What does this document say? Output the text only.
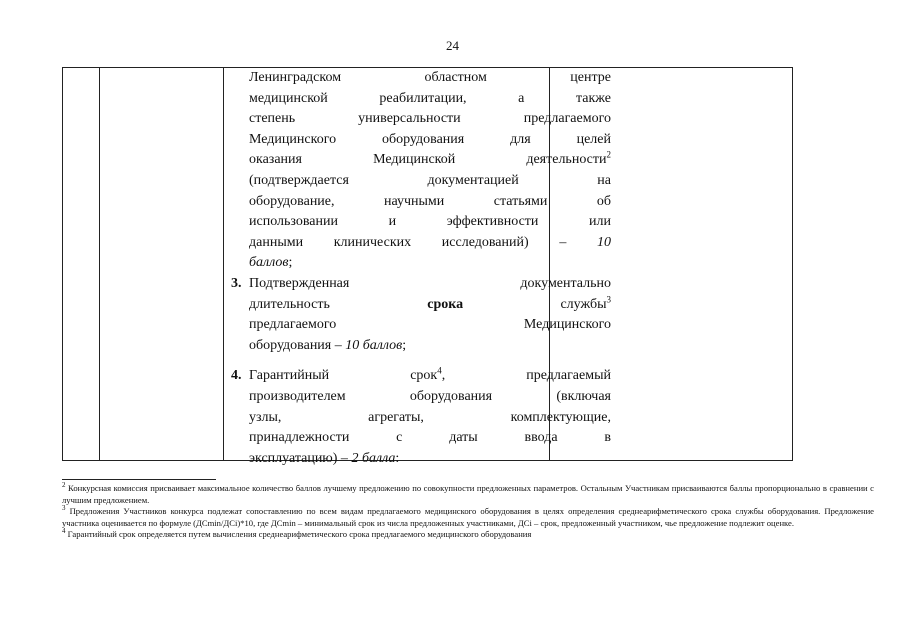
24
Ленинградском областном центре
медицинской реабилитации, а также
степень универсальности предлагаемого
Медицинского оборудования для целей
оказания Медицинской деятельности$^2$
(подтверждается документацией на
оборудование, научными статьями об
использовании и эффективности или
данными клинических исследований) – 10
баллов;
3. Подтвержденная документально
длительность	срока	службы$^3$
предлагаемого Медицинского
оборудования – 10 баллов;
4. Гарантийный	срок$^4$, предлагаемый
производителем оборудования (включая
узлы, агрегаты, комплектующие,
принадлежности с даты ввода в
эксплуатацию) – 2 балла:
$^2$ Конкурсная комиссия присваивает максимальное количество баллов лучшему предложению по совокупности предложенных параметров. Остальным Участникам присваиваются баллы пропорционально в сравнении с лучшим предложением.
$^3$ Предложения Участников конкурса подлежат сопоставлению по всем видам предлагаемого медицинского оборудования в целях определения среднеарифметического срока службы оборудования. Предложение участника оценивается по формуле (ДСmin/ДСi)*10, где ДСmin – минимальный срок из числа предложенных участниками, ДСi – срок, предложенный участником, чье предложение подлежит оценке.
$^4$ Гарантийный срок определяется путем вычисления среднеарифметического срока предлагаемого медицинского оборудования
